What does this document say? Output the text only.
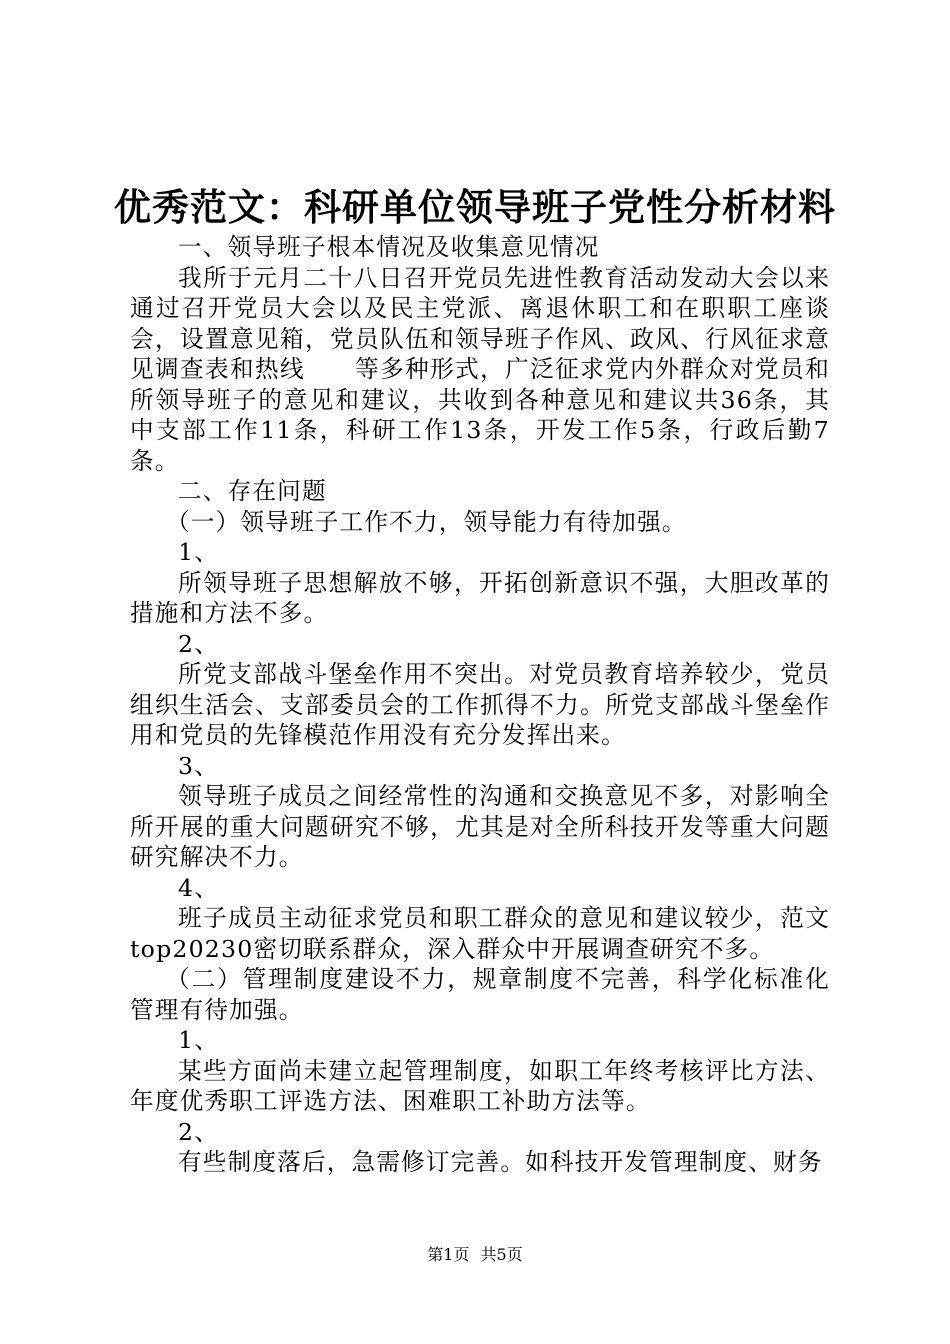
优秀范文：科研单位领导班子党性分析材料

一、领导班子根本情况及收集意见情况

我所于元月二十八日召开党员先进性教育活动发动大会以来通过召开党员大会以及民主党派、离退休职工和在职职工座谈会，设置意见箱，党员队伍和领导班子作风、政风、行风征求意见调查表和热线　　等多种形式，广泛征求党内外群众对党员和所领导班子的意见和建议，共收到各种意见和建议共36条，其中支部工作11条，科研工作13条，开发工作5条，行政后勤7条。

二、存在问题

（一）领导班子工作不力，领导能力有待加强。

1、

所领导班子思想解放不够，开拓创新意识不强，大胆改革的措施和方法不多。

2、

所党支部战斗堡垒作用不突出。对党员教育培养较少，党员组织生活会、支部委员会的工作抓得不力。所党支部战斗堡垒作用和党员的先锋模范作用没有充分发挥出来。

3、

领导班子成员之间经常性的沟通和交换意见不多，对影响全所开展的重大问题研究不够，尤其是对全所科技开发等重大问题研究解决不力。

4、

班子成员主动征求党员和职工群众的意见和建议较少，范文top20230密切联系群众，深入群众中开展调查研究不多。

（二）管理制度建设不力，规章制度不完善，科学化标准化管理有待加强。

1、

某些方面尚未建立起管理制度，如职工年终考核评比方法、年度优秀职工评选方法、困难职工补助方法等。

2、

有些制度落后，急需修订完善。如科技开发管理制度、财务

第1页 共5页
